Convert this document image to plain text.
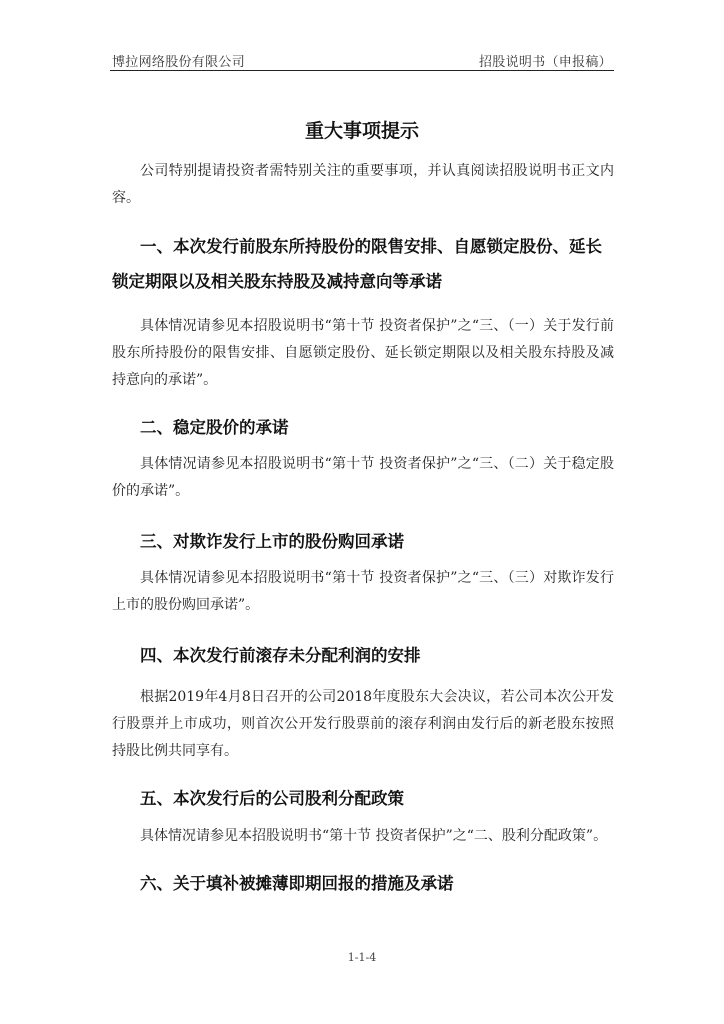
博拉网络股份有限公司	招股说明书（申报稿）
重大事项提示
公司特别提请投资者需特别关注的重要事项，并认真阅读招股说明书正文内容。
一、本次发行前股东所持股份的限售安排、自愿锁定股份、延长锁定期限以及相关股东持股及减持意向等承诺
具体情况请参见本招股说明书“第十节 投资者保护”之“三、（一）关于发行前股东所持股份的限售安排、自愿锁定股份、延长锁定期限以及相关股东持股及减持意向的承诺”。
二、稳定股价的承诺
具体情况请参见本招股说明书“第十节 投资者保护”之“三、（二）关于稳定股价的承诺”。
三、对欺诈发行上市的股份购回承诺
具体情况请参见本招股说明书“第十节 投资者保护”之“三、（三）对欺诈发行上市的股份购回承诺”。
四、本次发行前滚存未分配利润的安排
根据2019年4月8日召开的公司2018年度股东大会决议，若公司本次公开发行股票并上市成功，则首次公开发行股票前的滚存利润由发行后的新老股东按照持股比例共同享有。
五、本次发行后的公司股利分配政策
具体情况请参见本招股说明书“第十节 投资者保护”之“二、股利分配政策”。
六、关于填补被摊薄即期回报的措施及承诺
1-1-4
